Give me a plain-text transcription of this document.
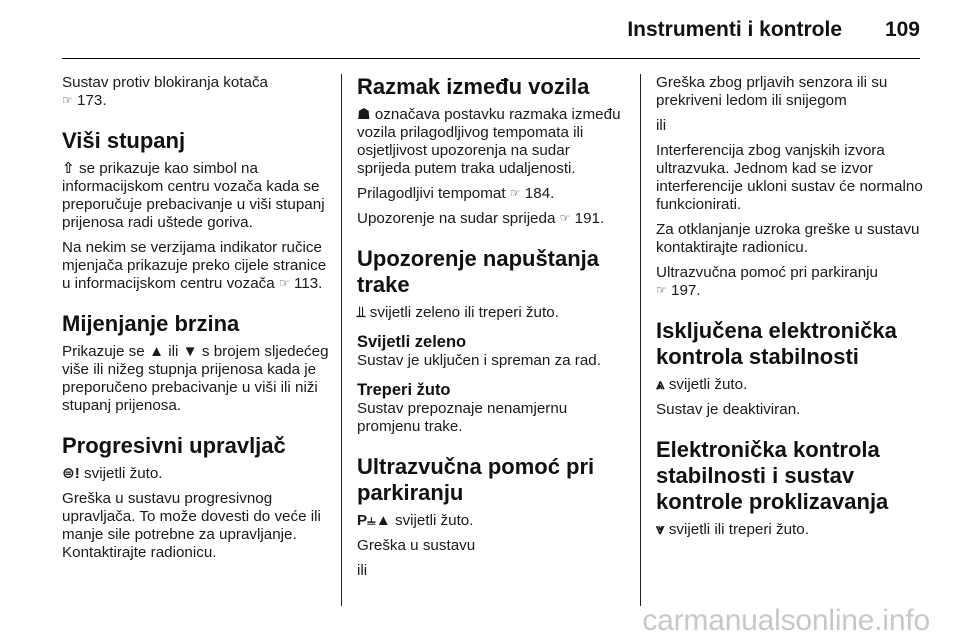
Instrumenti i kontrole 109

Sustav protiv blokiranja kotača
☞ 173.

Viši stupanj

⇧ se prikazuje kao simbol na informacijskom centru vozača kada se preporučuje prebacivanje u viši stupanj prijenosa radi uštede goriva.

Na nekim se verzijama indikator ručice mjenjača prikazuje preko cijele stranice u informacijskom centru vozača ☞ 113.

Mijenjanje brzina

Prikazuje se ▲ ili ▼ s brojem sljedećeg više ili nižeg stupnja prijenosa kada je preporučeno prebacivanje u viši ili niži stupanj prijenosa.

Progresivni upravljač

⊜! svijetli žuto.

Greška u sustavu progresivnog upravljača. To može dovesti do veće ili manje sile potrebne za upravljanje. Kontaktirajte radionicu.

Razmak između vozila

☗ označava postavku razmaka između vozila prilagodljivog tempomata ili osjetljivost upozorenja na sudar sprijeda putem traka udaljenosti.

Prilagodljivi tempomat ☞ 184.

Upozorenje na sudar sprijeda ☞ 191.

Upozorenje napuštanja trake

⫫ svijetli zeleno ili treperi žuto.

Svijetli zeleno

Sustav je uključen i spreman za rad.

Treperi žuto

Sustav prepoznaje nenamjernu promjenu trake.

Ultrazvučna pomoć pri parkiranju

P⫨▲ svijetli žuto.

Greška u sustavu

ili

Greška zbog prljavih senzora ili su prekriveni ledom ili snijegom

ili

Interferencija zbog vanjskih izvora ultrazvuka. Jednom kad se izvor interferencije ukloni sustav će normalno funkcionirati.

Za otklanjanje uzroka greške u sustavu kontaktirajte radionicu.

Ultrazvučna pomoć pri parkiranju
☞ 197.

Isključena elektronička kontrola stabilnosti

⩓ svijetli žuto.

Sustav je deaktiviran.

Elektronička kontrola stabilnosti i sustav kontrole proklizavanja

⩔ svijetli ili treperi žuto.

carmanualsonline.info
